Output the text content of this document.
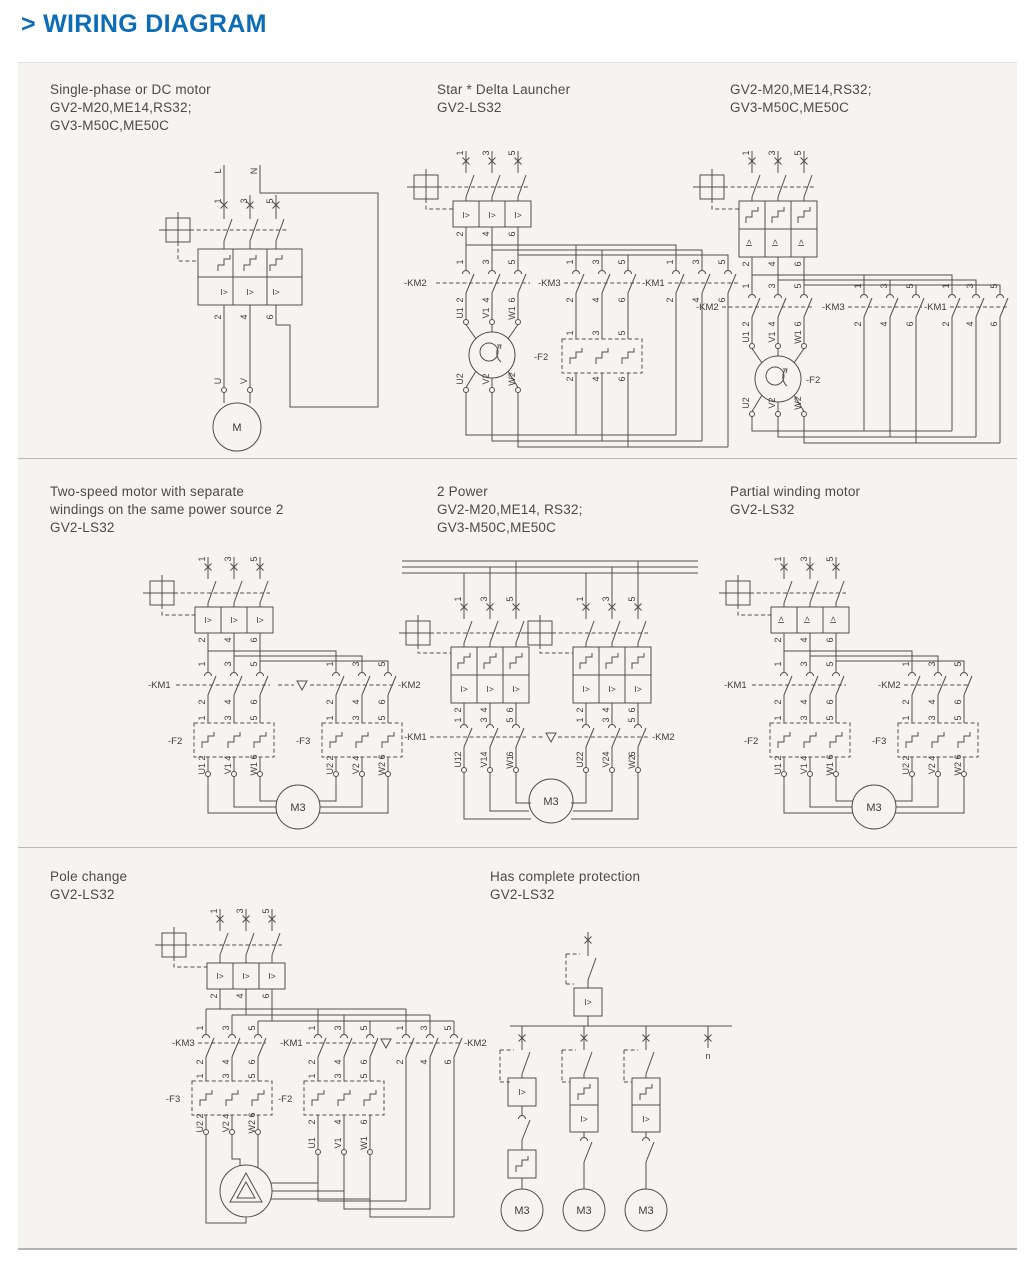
> WIRING DIAGRAM
Single-phase or DC motor
GV2-M20,ME14,RS32;
GV3-M50C,ME50C
Star * Delta Launcher
GV2-LS32
GV2-M20,ME14,RS32;
GV3-M50C,ME50C
Two-speed motor with separate
windings on the same power source 2
GV2-LS32
2 Power
GV2-M20,ME14, RS32;
GV3-M50C,ME50C
Partial winding motor
GV2-LS32
Pole change
GV2-LS32
Has complete protection
GV2-LS32
L	N
1 3 5
I> I> I>
2 4 6
U V
M
1 3 5
I> I> I>
2 4 6
1 3 5	1 3 5	1 3 5
-KM2	-KM3	-KM1
2 4 6	2 4 6	2 4 6
U1 V1 W1
1 3 5
-F2
U2 V2 W2	2 4 6
1 3 5
I> I> I>
2 4 6
1 3 5	1 3 5	1 3 5
-KM2	-KM3	-KM1
2 4 6	2 4 6	2 4 6
U1 V1 W1
-F2
U2 V2 W2
1 3 5
I> I> I>
2 4 6
1 3 5	1 3 5
-KM1	-KM2
2 4 6	2 4 6
1 3 5	1 3 5
-F2	-F3
U1 2 V1 4 W1 6	U2 2 V2 4 W2 6
M3
1 3 5	1 3 5
I> I> I>	I> I> I>
2 4 6	2 4 6
1 3 5	1 3 5
-KM1	-KM2
2 4 6	2 4 6
U1 V1 W1	U2 V2 W2
M3
1 3 5
I> I> I>
2 4 6
1 3 5	1 3 5
-KM1	-KM2
2 4 6	2 4 6
1 3 5	1 3 5
-F2	-F3
U1 2 V1 4 W1 6	U2 2 V2 4 W2 6
M3
1 3 5
I> I> I>
2 4 6
1 3 5	1 3 5	1 3 5
-KM3	-KM1	-KM2
2 4 6	2 4 6	2 4 6
1 3 5	1 3 5
-F3	-F2
U2 2 V2 4 W2 6	2 4 6
U1 V1 W1
I>
n
I>
I>	I>
M3	M3	M3
